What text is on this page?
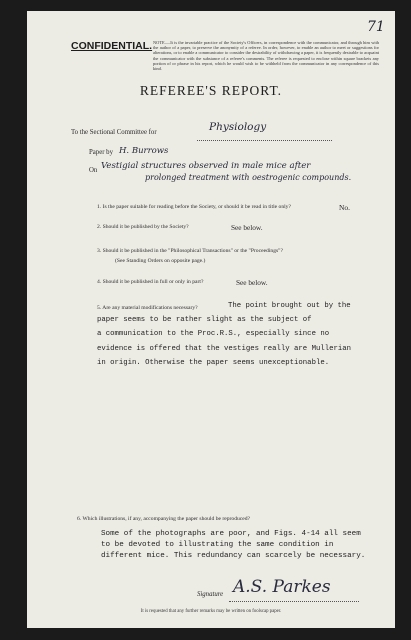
71

CONFIDENTIAL. NOTE.—It is the invariable practice of the Society's Officers, in correspondence with the communicator, and through him with the author of a paper, to preserve the anonymity of a referee. In order, however, to enable an author to meet or suggestions for alterations, or to enable a communicator to consider the desirability of withdrawing a paper, it is frequently desirable to acquaint the communicator with the substance of a referee's comments. The referee is requested to enclose within square brackets any portion of or phrase in his report, which he would wish to be withheld from the communicator in any correspondence of this kind.

REFEREE'S REPORT.

To the Sectional Committee for	Physiology

Paper by H. Burrows

On Vestigial structures observed in male mice after

prolonged treatment with oestrogenic compounds.

1. Is the paper suitable for reading before the Society, or should it be read in title only?	No.

2. Should it be published by the Society?	See below.

3. Should it be published in the "Philosophical Transactions" or the "Proceedings"?

(See Standing Orders on opposite page.)

4. Should it be published in full or only in part?	See below.

5. Are any material modifications necessary?	The point brought out by the
paper seems to be rather slight as the subject of
a communication to the Proc.R.S., especially since no
evidence is offered that the vestiges really are Mullerian
in origin. Otherwise the paper seems unexceptionable.

6. Which illustrations, if any, accompanying the paper should be reproduced?

Some of the photographs are poor, and Figs. 4-14 all seem
to be devoted to illustrating the same condition in
different mice. This redundancy can scarcely be necessary.

Signature A.S. Parkes

It is requested that any further remarks may be written on foolscap paper.
